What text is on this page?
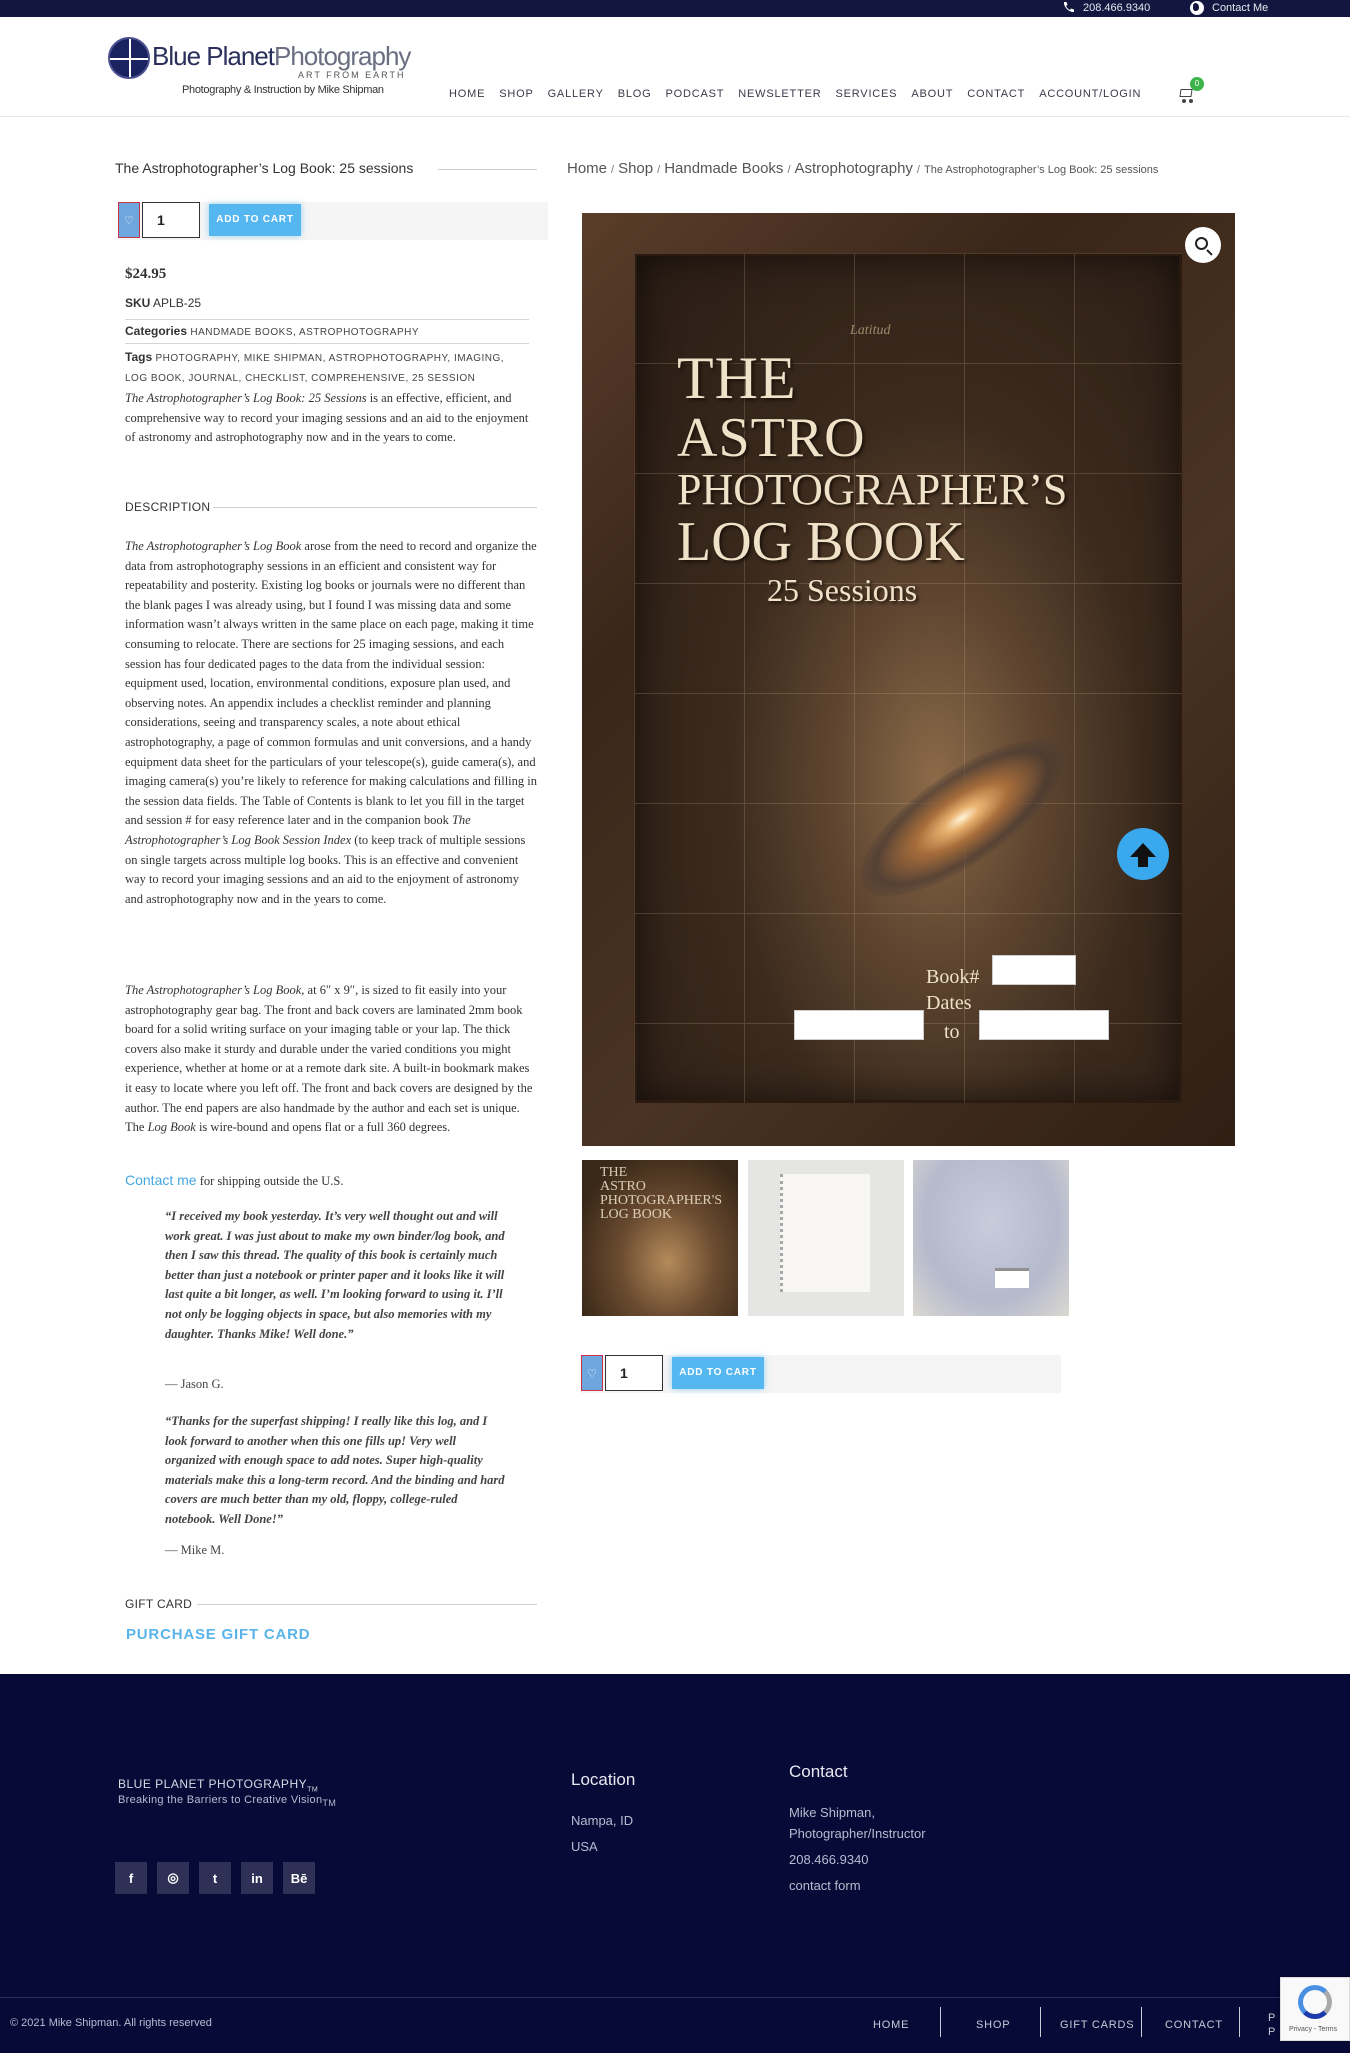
208.466.9340	Contact Me
Blue PlanetPhotography
ART FROM EARTH
Photography & Instruction by Mike Shipman	HOME	SHOP	GALLERY	BLOG	PODCAST	NEWSLETTER	SERVICES	ABOUT	CONTACT	ACCOUNT/LOGIN
0
The Astrophotographer’s Log Book: 25 sessions
♡	1	ADD TO CART
$24.95
SKU APLB-25
Categories HANDMADE BOOKS, ASTROPHOTOGRAPHY
Tags PHOTOGRAPHY, MIKE SHIPMAN, ASTROPHOTOGRAPHY, IMAGING, LOG BOOK, JOURNAL, CHECKLIST, COMPREHENSIVE, 25 SESSION
The Astrophotographer’s Log Book: 25 Sessions is an effective, efficient, and comprehensive way to record your imaging sessions and an aid to the enjoyment of astronomy and astrophotography now and in the years to come.
DESCRIPTION
The Astrophotographer’s Log Book arose from the need to record and organize the data from astrophotography sessions in an efficient and consistent way for repeatability and posterity. Existing log books or journals were no different than the blank pages I was already using, but I found I was missing data and some information wasn’t always written in the same place on each page, making it time consuming to relocate. There are sections for 25 imaging sessions, and each session has four dedicated pages to the data from the individual session: equipment used, location, environmental conditions, exposure plan used, and observing notes. An appendix includes a checklist reminder and planning considerations, seeing and transparency scales, a note about ethical astrophotography, a page of common formulas and unit conversions, and a handy equipment data sheet for the particulars of your telescope(s), guide camera(s), and imaging camera(s) you’re likely to reference for making calculations and filling in the session data fields. The Table of Contents is blank to let you fill in the target and session # for easy reference later and in the companion book The Astrophotographer’s Log Book Session Index (to keep track of multiple sessions on single targets across multiple log books. This is an effective and convenient way to record your imaging sessions and an aid to the enjoyment of astronomy and astrophotography now and in the years to come.
The Astrophotographer’s Log Book, at 6″ x 9″, is sized to fit easily into your astrophotography gear bag. The front and back covers are laminated 2mm book board for a solid writing surface on your imaging table or your lap. The thick covers also make it sturdy and durable under the varied conditions you might experience, whether at home or at a remote dark site. A built-in bookmark makes it easy to locate where you left off. The front and back covers are designed by the author. The end papers are also handmade by the author and each set is unique. The Log Book is wire-bound and opens flat or a full 360 degrees.
Contact me for shipping outside the U.S.
“I received my book yesterday. It’s very well thought out and will work great. I was just about to make my own binder/log book, and then I saw this thread. The quality of this book is certainly much better than just a notebook or printer paper and it looks like it will last quite a bit longer, as well. I’m looking forward to using it. I’ll not only be logging objects in space, but also memories with my daughter. Thanks Mike! Well done.”
— Jason G.
“Thanks for the superfast shipping! I really like this log, and I look forward to another when this one fills up! Very well organized with enough space to add notes. Super high-quality materials make this a long-term record. And the binding and hard covers are much better than my old, floppy, college-ruled notebook. Well Done!”
— Mike M.
GIFT CARD
PURCHASE GIFT CARD
Home / Shop / Handmade Books / Astrophotography / The Astrophotographer’s Log Book: 25 sessions
Latitud
THE
ASTRO
PHOTOGRAPHER’S
LOG BOOK
25 Sessions
Book#
Dates
to
THE
ASTRO
PHOTOGRAPHER'S
LOG BOOK
♡	1	ADD TO CART
BLUE PLANET $PHOTOGRAPHY_{TM}$
Breaking the Barriers to Creative Vision$_{TM}$
f	◎	t	in	Bē
Location
Nampa, ID
USA
Contact
Mike Shipman, Photographer/Instructor
208.466.9340
contact form
© 2021 Mike Shipman. All rights reserved	HOME	SHOP	GIFT CARDS	CONTACT
P
P Privacy - Terms
